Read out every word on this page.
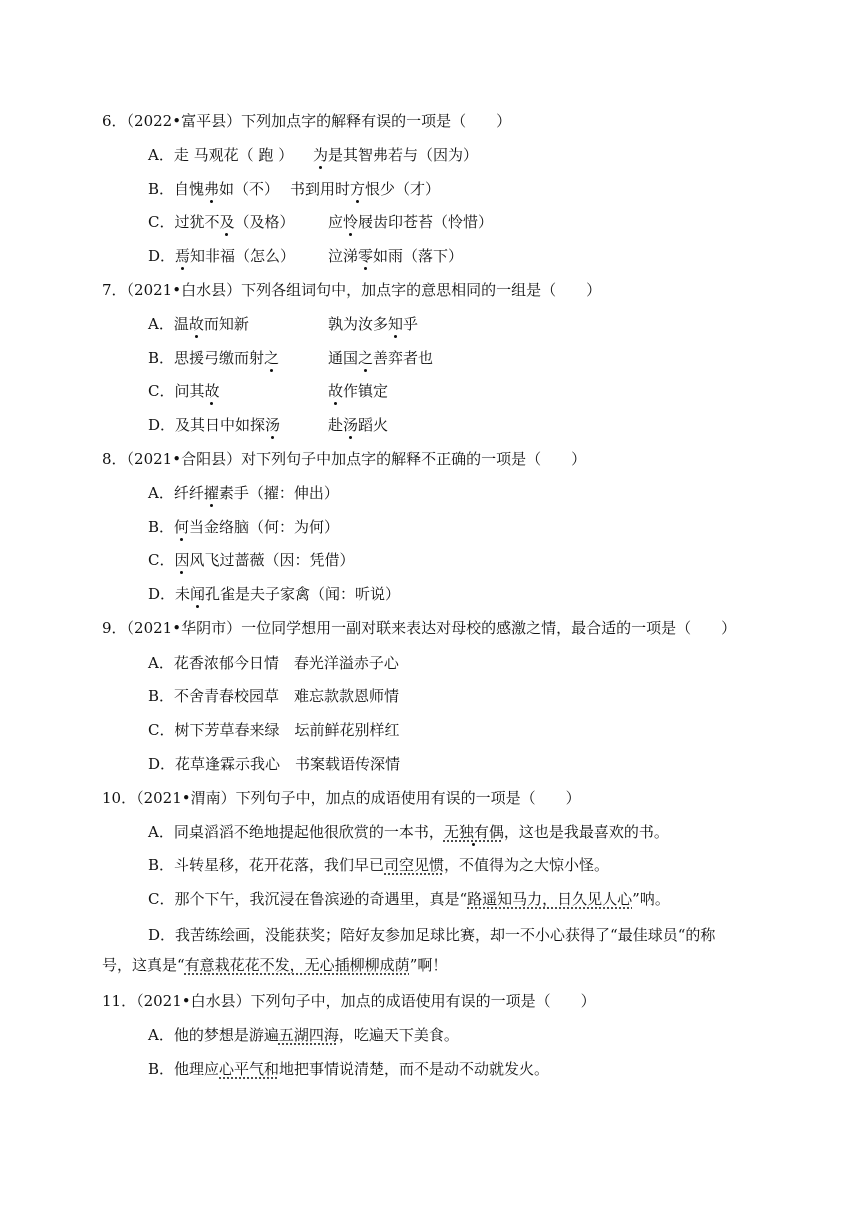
6．（2022•富平县）下列加点字的解释有误的一项是（　　）
A．走 马观花（ 跑 ） 为是其智弗若与（因为）
B．自愧弗如（不） 书到用时方恨少（才）
C．过犹不及（及格） 应怜屐齿印苍苔（怜惜）
D．焉知非福（怎么） 泣涕零如雨（落下）
7．（2021•白水县）下列各组词句中，加点字的意思相同的一组是（　　）
A．温故而知新	孰为汝多知乎
B．思援弓缴而射之	通国之善弈者也
C．问其故	故作镇定
D．及其日中如探汤	赴汤蹈火
8．（2021•合阳县）对下列句子中加点字的解释不正确的一项是（　　）
A．纤纤擢素手（擢：伸出）
B．何当金络脑（何：为何）
C．因风飞过蔷薇（因：凭借）
D．未闻孔雀是夫子家禽（闻：听说）
9．（2021•华阴市）一位同学想用一副对联来表达对母校的感激之情，最合适的一项是（　　）
A．花香浓郁今日情　春光洋溢赤子心
B．不舍青春校园草　难忘款款恩师情
C．树下芳草春来绿　坛前鲜花别样红
D．花草逢霖示我心　书案载语传深情
10．（2021•渭南）下列句子中，加点的成语使用有误的一项是（　　）
A．同桌滔滔不绝地提起他很欣赏的一本书，无独有偶，这也是我最喜欢的书。
B．斗转星移，花开花落，我们早已司空见惯，不值得为之大惊小怪。
C．那个下午，我沉浸在鲁滨逊的奇遇里，真是“路遥知马力，日久见人心”呐。
D．我苦练绘画，没能获奖；陪好友参加足球比赛，却一不小心获得了“最佳球员“的称号，这真是“有意栽花花不发，无心插柳柳成荫”啊！
11．（2021•白水县）下列句子中，加点的成语使用有误的一项是（　　）
A．他的梦想是游遍五湖四海，吃遍天下美食。
B．他理应心平气和地把事情说清楚，而不是动不动就发火。
